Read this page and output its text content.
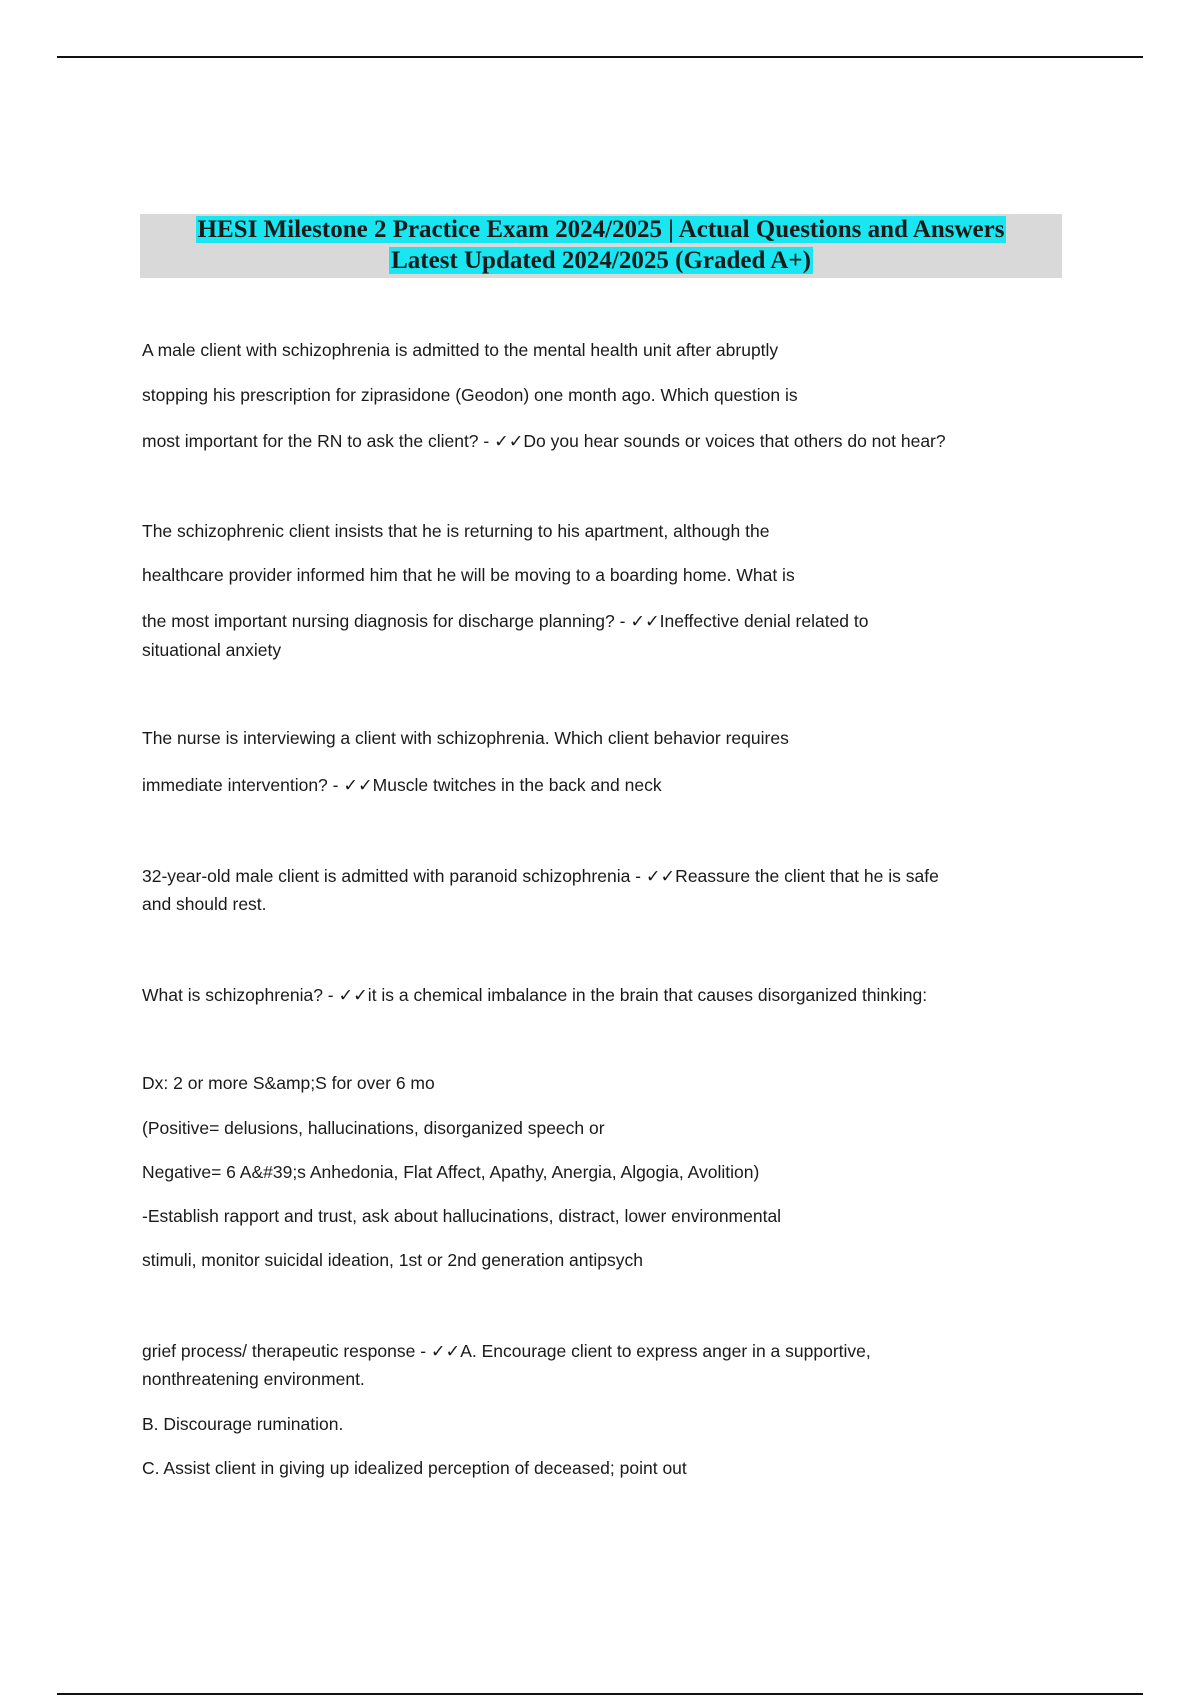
HESI Milestone 2 Practice Exam 2024/2025 | Actual Questions and Answers
Latest Updated 2024/2025 (Graded A+)
A male client with schizophrenia is admitted to the mental health unit after abruptly
stopping his prescription for ziprasidone (Geodon) one month ago. Which question is
most important for the RN to ask the client? - ✓✓Do you hear sounds or voices that others do not hear?
The schizophrenic client insists that he is returning to his apartment, although the
healthcare provider informed him that he will be moving to a boarding home. What is
the most important nursing diagnosis for discharge planning? - ✓✓Ineffective denial related to
situational anxiety
The nurse is interviewing a client with schizophrenia. Which client behavior requires
immediate intervention? - ✓✓Muscle twitches in the back and neck
32-year-old male client is admitted with paranoid schizophrenia - ✓✓Reassure the client that he is safe
and should rest.
What is schizophrenia? - ✓✓it is a chemical imbalance in the brain that causes disorganized thinking:
Dx: 2 or more S&amp;S for over 6 mo
(Positive= delusions, hallucinations, disorganized speech or
Negative= 6 A&#39;s Anhedonia, Flat Affect, Apathy, Anergia, Algogia, Avolition)
-Establish rapport and trust, ask about hallucinations, distract, lower environmental
stimuli, monitor suicidal ideation, 1st or 2nd generation antipsych
grief process/ therapeutic response - ✓✓A. Encourage client to express anger in a supportive,
nonthreatening environment.
B. Discourage rumination.
C. Assist client in giving up idealized perception of deceased; point out
